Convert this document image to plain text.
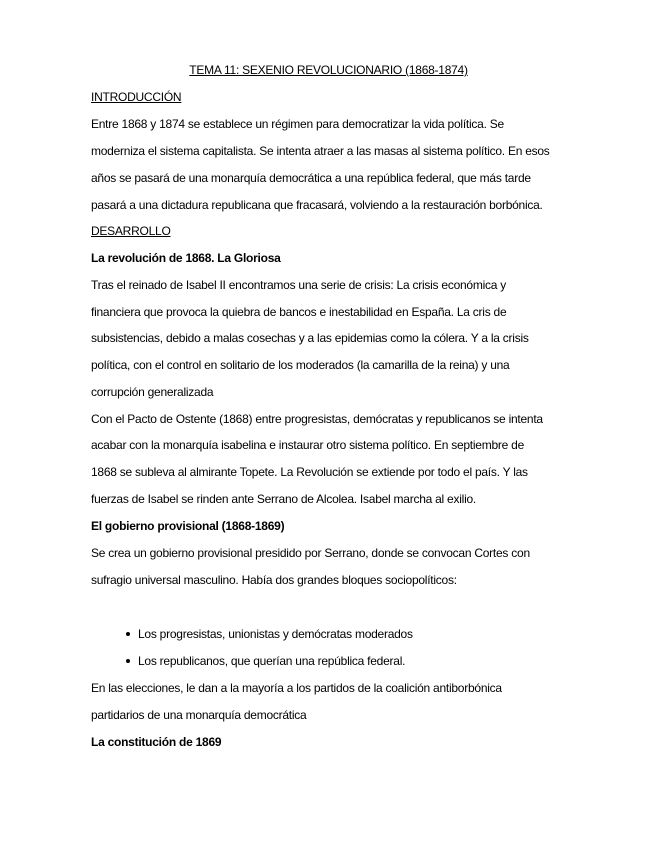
TEMA 11: SEXENIO REVOLUCIONARIO (1868-1874)
INTRODUCCIÓN
Entre 1868 y 1874 se establece un régimen para democratizar la vida política. Se
moderniza el sistema capitalista. Se intenta atraer a las masas al sistema político. En esos
años se pasará de una monarquía democrática a una república federal, que más tarde
pasará a una dictadura republicana que fracasará, volviendo a la restauración borbónica.
DESARROLLO
La revolución de 1868. La Gloriosa
Tras el reinado de Isabel II encontramos una serie de crisis: La crisis económica y
financiera que provoca la quiebra de bancos e inestabilidad en España. La cris de
subsistencias, debido a malas cosechas y a las epidemias como la cólera. Y a la crisis
política, con el control en solitario de los moderados (la camarilla de la reina) y una
corrupción generalizada
Con el Pacto de Ostente (1868) entre progresistas, demócratas y republicanos se intenta
acabar con la monarquía isabelina e instaurar otro sistema político. En septiembre de
1868 se subleva al almirante Topete. La Revolución se extiende por todo el país. Y las
fuerzas de Isabel se rinden ante Serrano de Alcolea. Isabel marcha al exilio.
El gobierno provisional (1868-1869)
Se crea un gobierno provisional presidido por Serrano, donde se convocan Cortes con
sufragio universal masculino. Había dos grandes bloques sociopolíticos:
Los progresistas, unionistas y demócratas moderados
Los republicanos, que querían una república federal.
En las elecciones, le dan a la mayoría a los partidos de la coalición antiborbónica
partidarios de una monarquía democrática
La constitución de 1869
